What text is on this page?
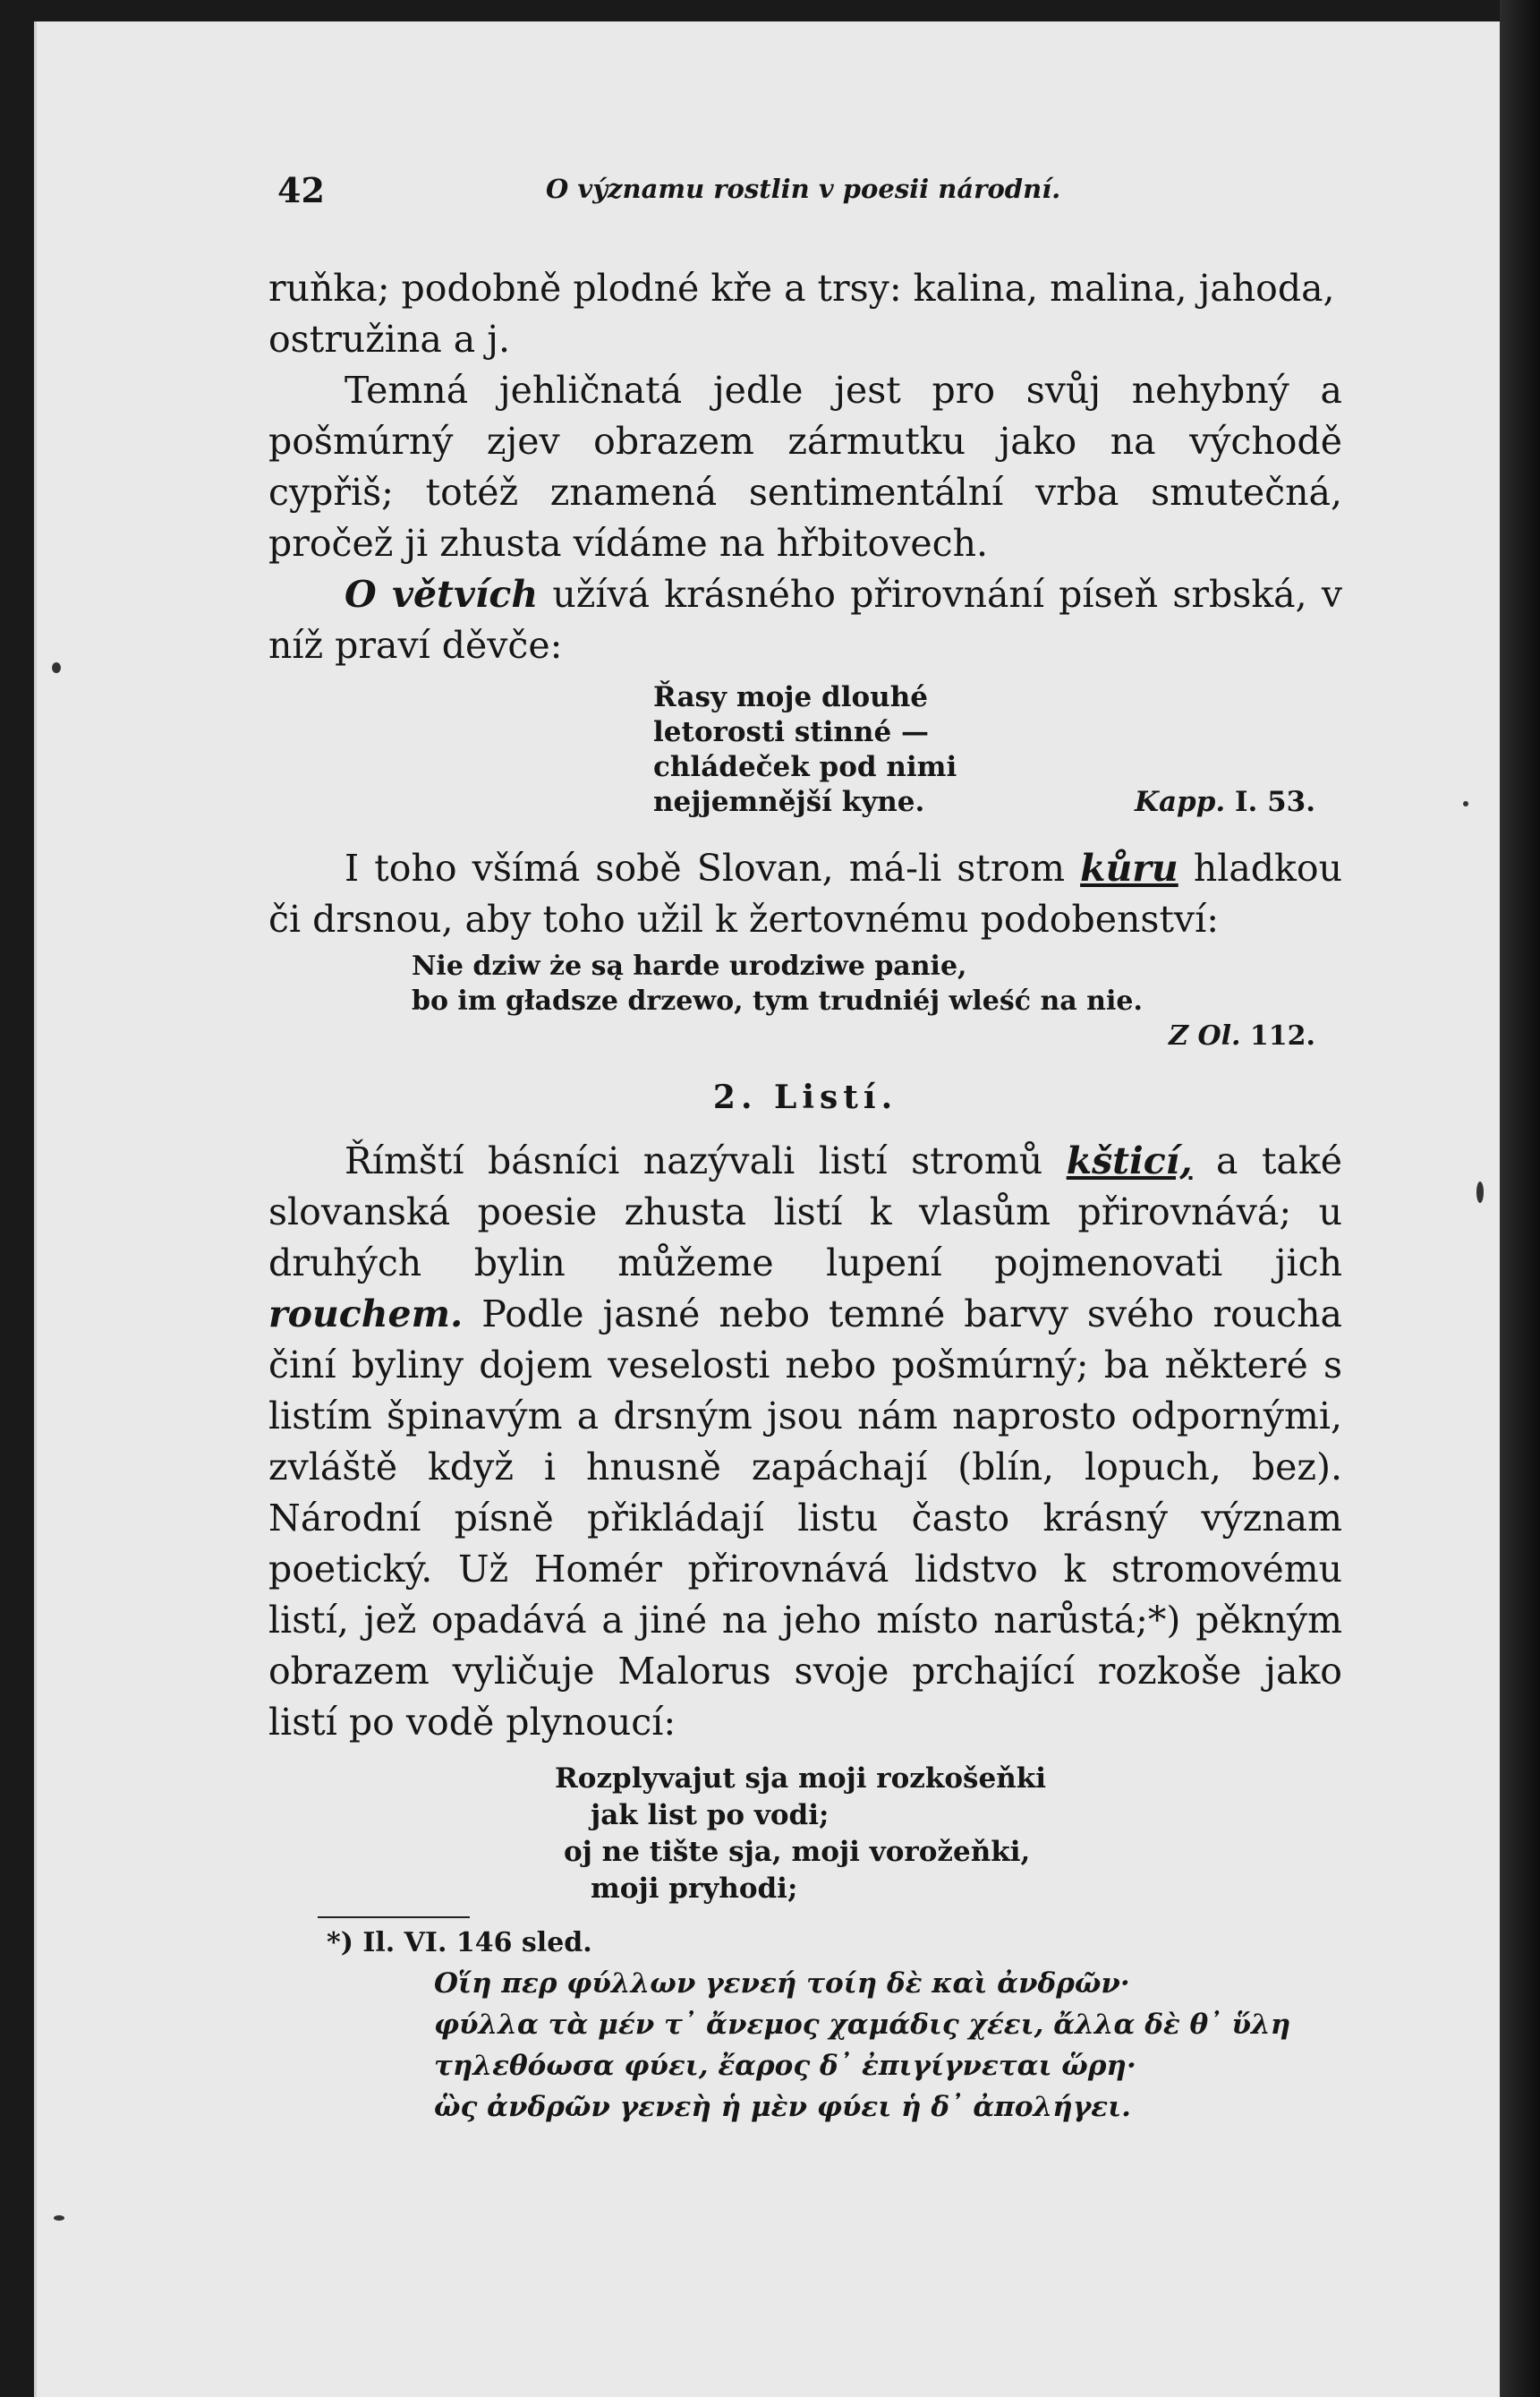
42	O významu rostlin v poesii národní.

ruňka; podobně plodné kře a trsy: kalina, malina, jahoda,
ostružina a j.

Temná jehličnatá jedle jest pro svůj nehybný a pošmúrný zjev obrazem zármutku jako na východě cypřiš; totéž znamená sentimentální vrba smutečná, pročež ji zhusta vídáme na hřbitovech.

O větvích užívá krásného přirovnání píseň srbská, v níž praví děvče:

Řasy moje dlouhé
letorosti stinné —
chládeček pod nimi
nejjemnější kyne.	Kapp. I. 53.

I toho všímá sobě Slovan, má-li strom kůru hladkou či drsnou, aby toho užil k žertovnému podobenství:

Nie dziw że są harde urodziwe panie,
bo im gładsze drzewo, tym trudniéj wleść na nie.
Z Ol. 112.
2. Listí.

Římští básníci nazývali listí stromů kšticí, a také slovanská poesie zhusta listí k vlasům přirovnává; u druhých bylin můžeme lupení pojmenovati jich rouchem. Podle jasné nebo temné barvy svého roucha činí byliny dojem veselosti nebo pošmúrný; ba některé s listím špinavým a drsným jsou nám naprosto odpornými, zvláště když i hnusně zapáchají (blín, lopuch, bez). Národní písně přikládají listu často krásný význam poetický. Už Homér přirovnává lidstvo k stromovému listí, jež opadává a jiné na jeho místo narůstá;*) pěkným obrazem vyličuje Malorus svoje prchající rozkoše jako listí po vodě plynoucí:

Rozplyvajut sja moji rozkošeňki
jak list po vodi;
oj ne tište sja, moji vorožeňki,
moji pryhodi;
*) Il. VI. 146 sled.
Οἵη περ φύλλων γενεή τοίη δὲ καὶ ἀνδρῶν·
φύλλα τὰ μέν τ᾽ ἄνεμος χαμάδις χέει, ἄλλα δὲ θ᾽ ὕλη
τηλεθόωσα φύει, ἔαρος δ᾽ ἐπιγίγνεται ὥρη·
ὣς ἀνδρῶν γενεὴ ἡ μὲν φύει ἡ δ᾽ ἀπολήγει.
